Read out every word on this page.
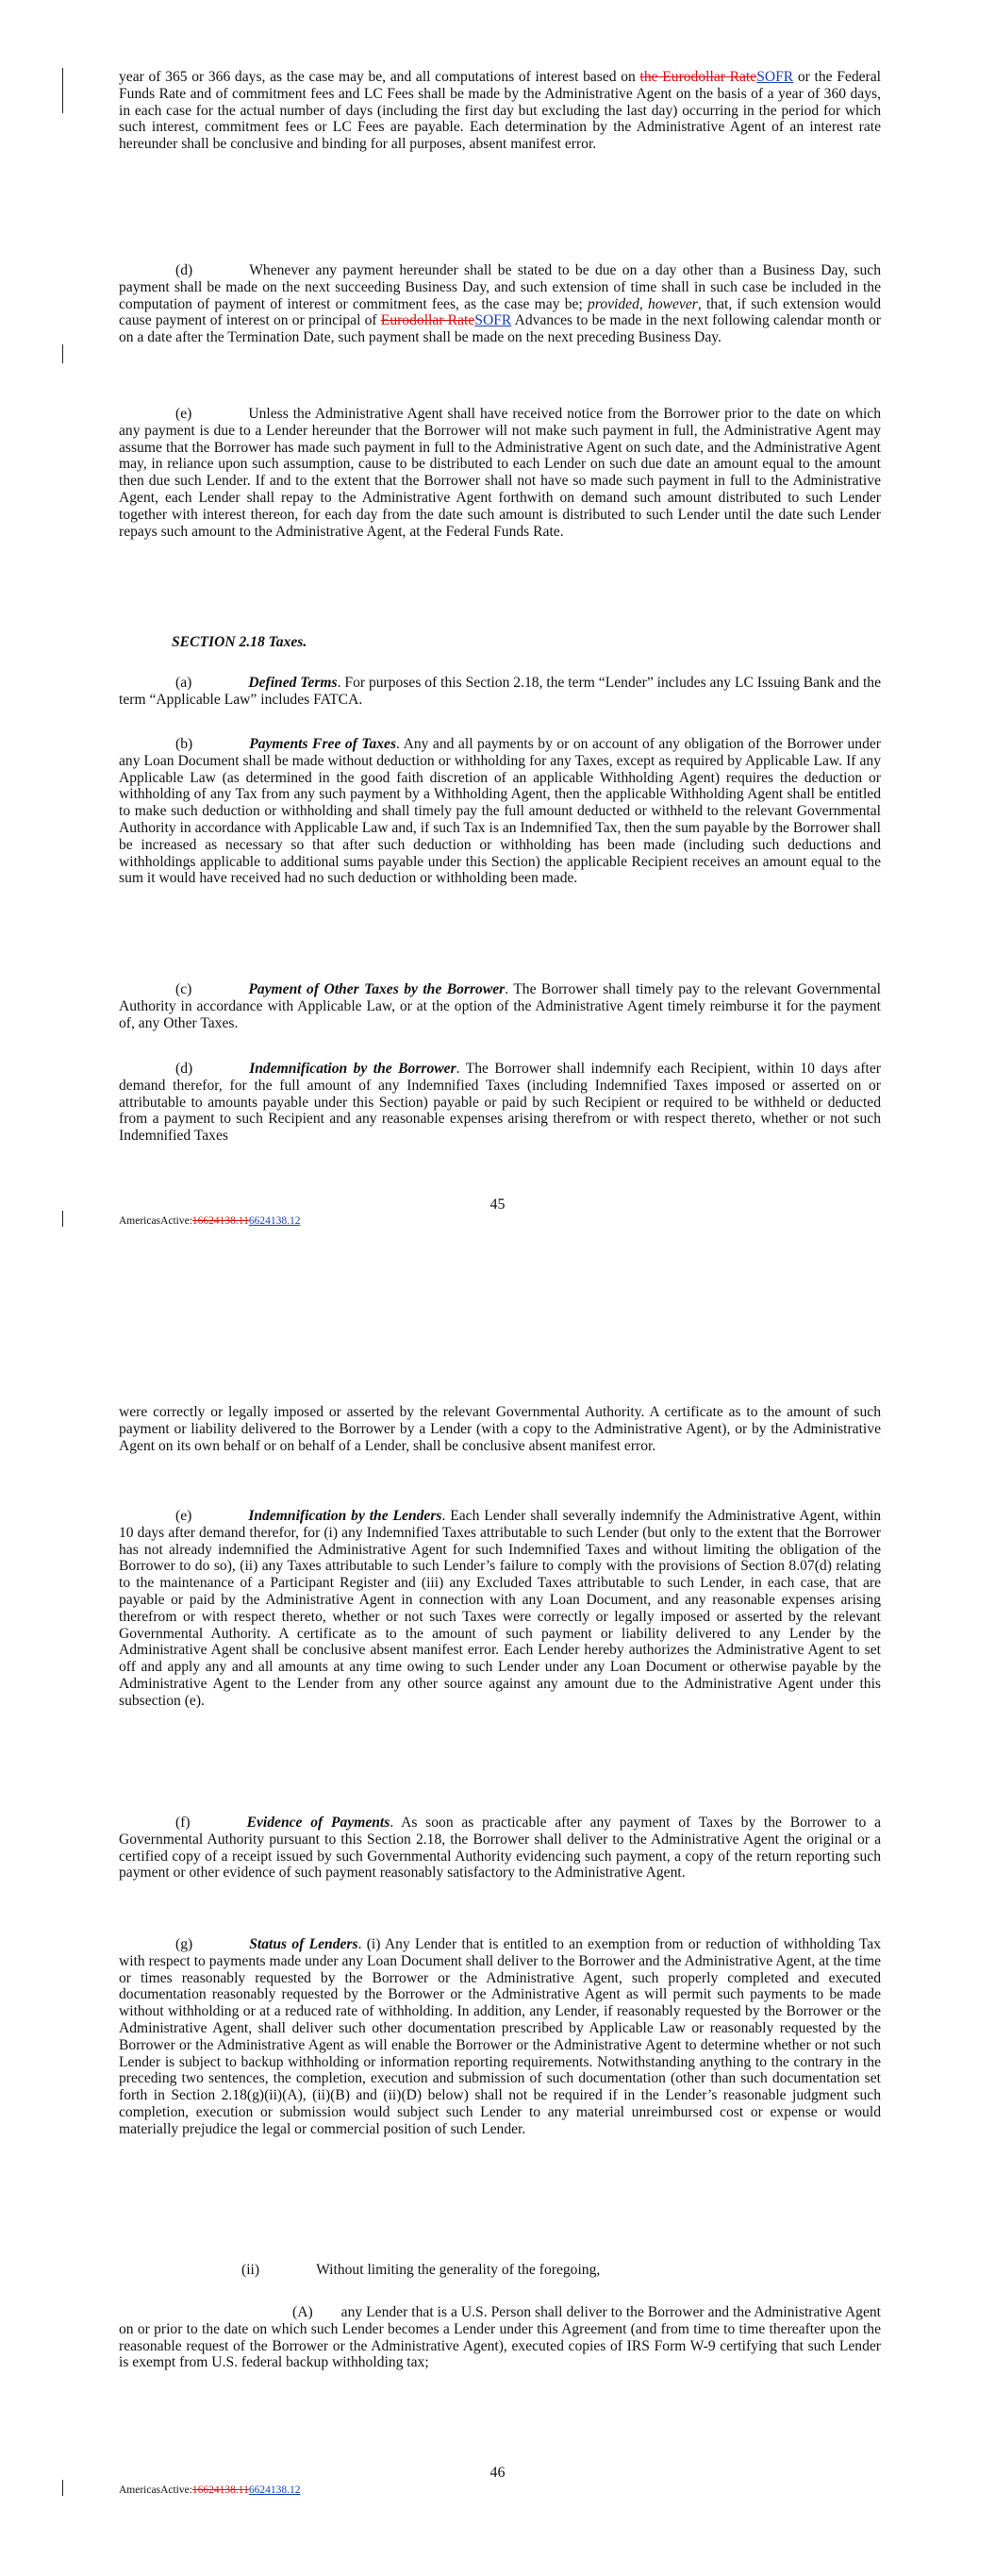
year of 365 or 366 days, as the case may be, and all computations of interest based on the Eurodollar RateSOFR or the Federal Funds Rate and of commitment fees and LC Fees shall be made by the Administrative Agent on the basis of a year of 360 days, in each case for the actual number of days (including the first day but excluding the last day) occurring in the period for which such interest, commitment fees or LC Fees are payable. Each determination by the Administrative Agent of an interest rate hereunder shall be conclusive and binding for all purposes, absent manifest error.

(d)	Whenever any payment hereunder shall be stated to be due on a day other than a Business Day, such payment shall be made on the next succeeding Business Day, and such extension of time shall in such case be included in the computation of payment of interest or commitment fees, as the case may be; provided, however, that, if such extension would cause payment of interest on or principal of Eurodollar RateSOFR Advances to be made in the next following calendar month or on a date after the Termination Date, such payment shall be made on the next preceding Business Day.

(e)	Unless the Administrative Agent shall have received notice from the Borrower prior to the date on which any payment is due to a Lender hereunder that the Borrower will not make such payment in full, the Administrative Agent may assume that the Borrower has made such payment in full to the Administrative Agent on such date, and the Administrative Agent may, in reliance upon such assumption, cause to be distributed to each Lender on such due date an amount equal to the amount then due such Lender. If and to the extent that the Borrower shall not have so made such payment in full to the Administrative Agent, each Lender shall repay to the Administrative Agent forthwith on demand such amount distributed to such Lender together with interest thereon, for each day from the date such amount is distributed to such Lender until the date such Lender repays such amount to the Administrative Agent, at the Federal Funds Rate.

SECTION 2.18 Taxes.

(a)	Defined Terms. For purposes of this Section 2.18, the term “Lender” includes any LC Issuing Bank and the term “Applicable Law” includes FATCA.

(b)	Payments Free of Taxes. Any and all payments by or on account of any obligation of the Borrower under any Loan Document shall be made without deduction or withholding for any Taxes, except as required by Applicable Law. If any Applicable Law (as determined in the good faith discretion of an applicable Withholding Agent) requires the deduction or withholding of any Tax from any such payment by a Withholding Agent, then the applicable Withholding Agent shall be entitled to make such deduction or withholding and shall timely pay the full amount deducted or withheld to the relevant Governmental Authority in accordance with Applicable Law and, if such Tax is an Indemnified Tax, then the sum payable by the Borrower shall be increased as necessary so that after such deduction or withholding has been made (including such deductions and withholdings applicable to additional sums payable under this Section) the applicable Recipient receives an amount equal to the sum it would have received had no such deduction or withholding been made.

(c)	Payment of Other Taxes by the Borrower. The Borrower shall timely pay to the relevant Governmental Authority in accordance with Applicable Law, or at the option of the Administrative Agent timely reimburse it for the payment of, any Other Taxes.

(d)	Indemnification by the Borrower. The Borrower shall indemnify each Recipient, within 10 days after demand therefor, for the full amount of any Indemnified Taxes (including Indemnified Taxes imposed or asserted on or attributable to amounts payable under this Section) payable or paid by such Recipient or required to be withheld or deducted from a payment to such Recipient and any reasonable expenses arising therefrom or with respect thereto, whether or not such Indemnified Taxes

45
AmericasActive:16624138.116624138.12

were correctly or legally imposed or asserted by the relevant Governmental Authority. A certificate as to the amount of such payment or liability delivered to the Borrower by a Lender (with a copy to the Administrative Agent), or by the Administrative Agent on its own behalf or on behalf of a Lender, shall be conclusive absent manifest error.

(e)	Indemnification by the Lenders. Each Lender shall severally indemnify the Administrative Agent, within 10 days after demand therefor, for (i) any Indemnified Taxes attributable to such Lender (but only to the extent that the Borrower has not already indemnified the Administrative Agent for such Indemnified Taxes and without limiting the obligation of the Borrower to do so), (ii) any Taxes attributable to such Lender’s failure to comply with the provisions of Section 8.07(d) relating to the maintenance of a Participant Register and (iii) any Excluded Taxes attributable to such Lender, in each case, that are payable or paid by the Administrative Agent in connection with any Loan Document, and any reasonable expenses arising therefrom or with respect thereto, whether or not such Taxes were correctly or legally imposed or asserted by the relevant Governmental Authority. A certificate as to the amount of such payment or liability delivered to any Lender by the Administrative Agent shall be conclusive absent manifest error. Each Lender hereby authorizes the Administrative Agent to set off and apply any and all amounts at any time owing to such Lender under any Loan Document or otherwise payable by the Administrative Agent to the Lender from any other source against any amount due to the Administrative Agent under this subsection (e).

(f)	Evidence of Payments. As soon as practicable after any payment of Taxes by the Borrower to a Governmental Authority pursuant to this Section 2.18, the Borrower shall deliver to the Administrative Agent the original or a certified copy of a receipt issued by such Governmental Authority evidencing such payment, a copy of the return reporting such payment or other evidence of such payment reasonably satisfactory to the Administrative Agent.

(g)	Status of Lenders. (i) Any Lender that is entitled to an exemption from or reduction of withholding Tax with respect to payments made under any Loan Document shall deliver to the Borrower and the Administrative Agent, at the time or times reasonably requested by the Borrower or the Administrative Agent, such properly completed and executed documentation reasonably requested by the Borrower or the Administrative Agent as will permit such payments to be made without withholding or at a reduced rate of withholding. In addition, any Lender, if reasonably requested by the Borrower or the Administrative Agent, shall deliver such other documentation prescribed by Applicable Law or reasonably requested by the Borrower or the Administrative Agent as will enable the Borrower or the Administrative Agent to determine whether or not such Lender is subject to backup withholding or information reporting requirements. Notwithstanding anything to the contrary in the preceding two sentences, the completion, execution and submission of such documentation (other than such documentation set forth in Section 2.18(g)(ii)(A), (ii)(B) and (ii)(D) below) shall not be required if in the Lender’s reasonable judgment such completion, execution or submission would subject such Lender to any material unreimbursed cost or expense or would materially prejudice the legal or commercial position of such Lender.

(ii)	Without limiting the generality of the foregoing,

(A) any Lender that is a U.S. Person shall deliver to the Borrower and the Administrative Agent on or prior to the date on which such Lender becomes a Lender under this Agreement (and from time to time thereafter upon the reasonable request of the Borrower or the Administrative Agent), executed copies of IRS Form W-9 certifying that such Lender is exempt from U.S. federal backup withholding tax;

46
AmericasActive:16624138.116624138.12
